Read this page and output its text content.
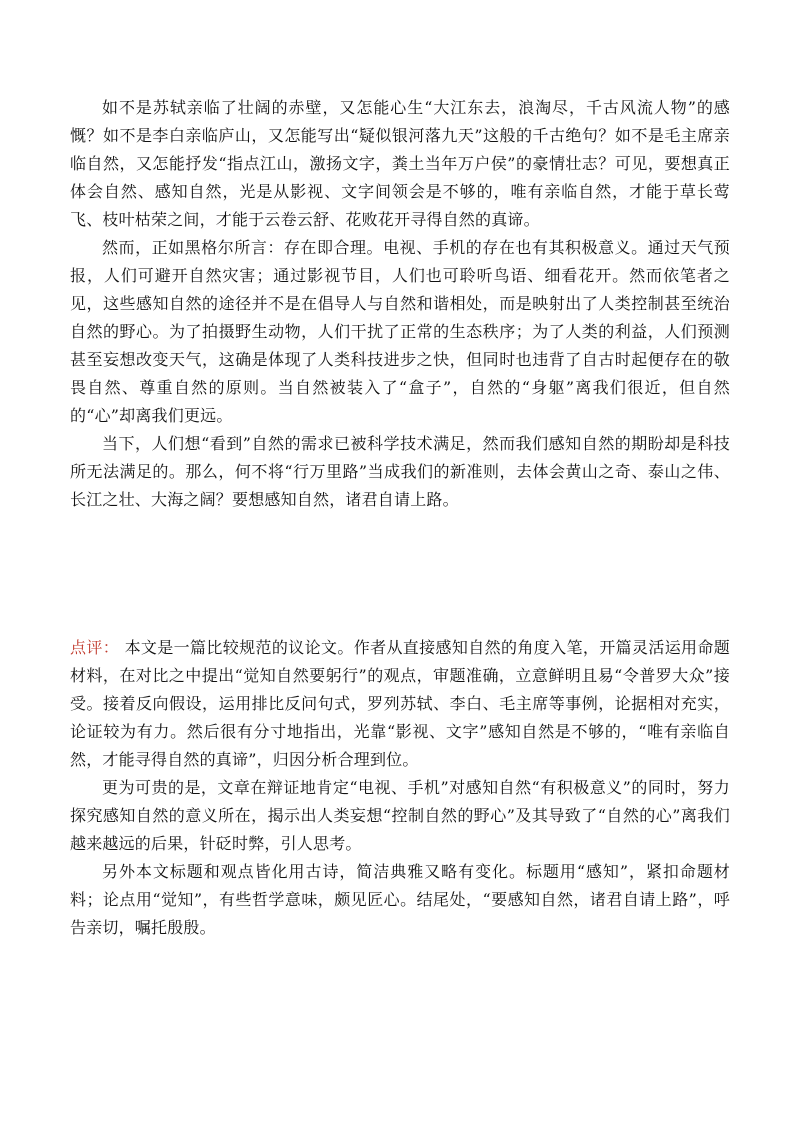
如不是苏轼亲临了壮阔的赤壁，又怎能心生“大江东去，浪淘尽，千古风流人物”的感慨？如不是李白亲临庐山，又怎能写出“疑似银河落九天”这般的千古绝句？如不是毛主席亲临自然，又怎能抒发“指点江山，激扬文字，粪土当年万户侯”的豪情壮志？可见，要想真正体会自然、感知自然，光是从影视、文字间领会是不够的，唯有亲临自然，才能于草长莺飞、枝叶枯荣之间，才能于云卷云舒、花败花开寻得自然的真谛。

然而，正如黑格尔所言：存在即合理。电视、手机的存在也有其积极意义。通过天气预报，人们可避开自然灾害；通过影视节目，人们也可聆听鸟语、细看花开。然而依笔者之见，这些感知自然的途径并不是在倡导人与自然和谐相处，而是映射出了人类控制甚至统治自然的野心。为了拍摄野生动物，人们干扰了正常的生态秩序；为了人类的利益，人们预测甚至妄想改变天气，这确是体现了人类科技进步之快，但同时也违背了自古时起便存在的敬畏自然、尊重自然的原则。当自然被装入了“盒子”，自然的“身躯”离我们很近，但自然的“心”却离我们更远。

当下，人们想“看到”自然的需求已被科学技术满足，然而我们感知自然的期盼却是科技所无法满足的。那么，何不将“行万里路”当成我们的新准则，去体会黄山之奇、泰山之伟、长江之壮、大海之阔？要想感知自然，诸君自请上路。

点评： 本文是一篇比较规范的议论文。作者从直接感知自然的角度入笔，开篇灵活运用命题材料，在对比之中提出“觉知自然要躬行”的观点，审题准确，立意鲜明且易“令普罗大众”接受。接着反向假设，运用排比反问句式，罗列苏轼、李白、毛主席等事例，论据相对充实，论证较为有力。然后很有分寸地指出，光靠“影视、文字”感知自然是不够的，“唯有亲临自然，才能寻得自然的真谛”，归因分析合理到位。

更为可贵的是，文章在辩证地肯定“电视、手机”对感知自然“有积极意义”的同时，努力探究感知自然的意义所在，揭示出人类妄想“控制自然的野心”及其导致了“自然的心”离我们越来越远的后果，针砭时弊，引人思考。

另外本文标题和观点皆化用古诗，简洁典雅又略有变化。标题用“感知”，紧扣命题材料；论点用“觉知”，有些哲学意味，颇见匠心。结尾处，“要感知自然，诸君自请上路”，呼告亲切，嘱托殷殷。
